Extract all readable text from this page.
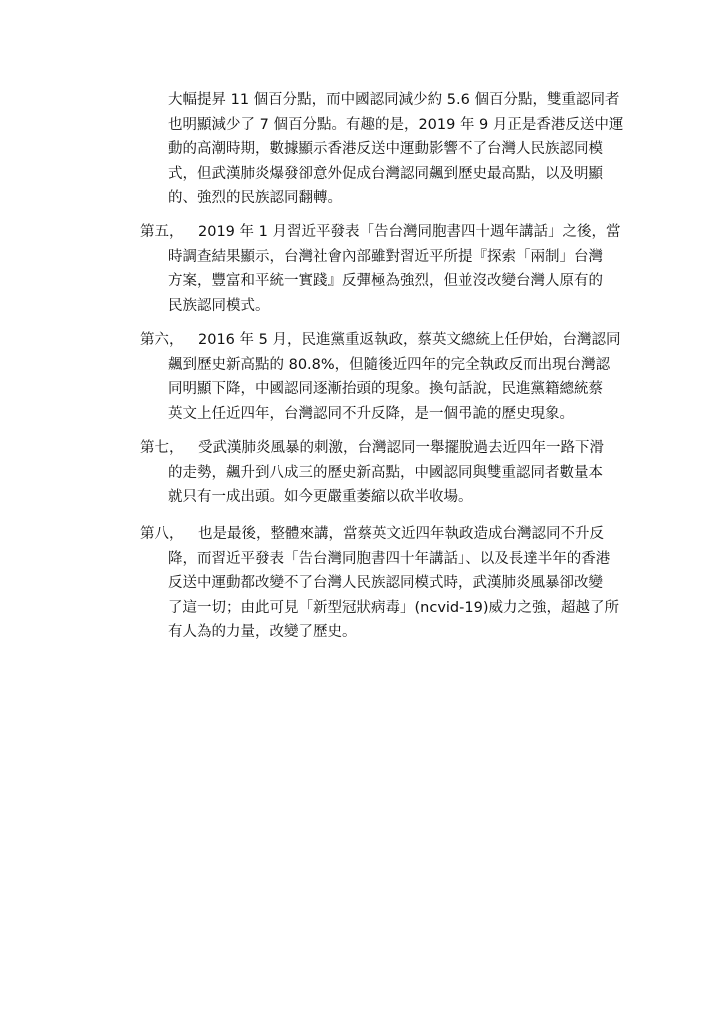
大幅提昇 11 個百分點，而中國認同減少約 5.6 個百分點，雙重認同者
也明顯減少了 7 個百分點。有趣的是，2019 年 9 月正是香港反送中運
動的高潮時期，數據顯示香港反送中運動影響不了台灣人民族認同模
式，但武漢肺炎爆發卻意外促成台灣認同飆到歷史最高點，以及明顯
的、強烈的民族認同翻轉。

第五，	2019 年 1 月習近平發表「告台灣同胞書四十週年講話」之後，當
時調查結果顯示，台灣社會內部雖對習近平所提『探索「兩制」台灣
方案，豐富和平統一實踐』反彈極為強烈，但並沒改變台灣人原有的
民族認同模式。
第六，	2016 年 5 月，民進黨重返執政，蔡英文總統上任伊始，台灣認同
飆到歷史新高點的 80.8%，但隨後近四年的完全執政反而出現台灣認
同明顯下降，中國認同逐漸抬頭的現象。換句話說，民進黨籍總統蔡
英文上任近四年，台灣認同不升反降，是一個弔詭的歷史現象。
第七，	受武漢肺炎風暴的刺激，台灣認同一舉擺脫過去近四年一路下滑
的走勢，飆升到八成三的歷史新高點，中國認同與雙重認同者數量本
就只有一成出頭。如今更嚴重萎縮以砍半收場。
第八，	也是最後，整體來講，當蔡英文近四年執政造成台灣認同不升反
降，而習近平發表「告台灣同胞書四十年講話」、以及長達半年的香港
反送中運動都改變不了台灣人民族認同模式時，武漢肺炎風暴卻改變
了這一切；由此可見「新型冠狀病毒」(ncvid-19)威力之強，超越了所
有人為的力量，改變了歷史。
